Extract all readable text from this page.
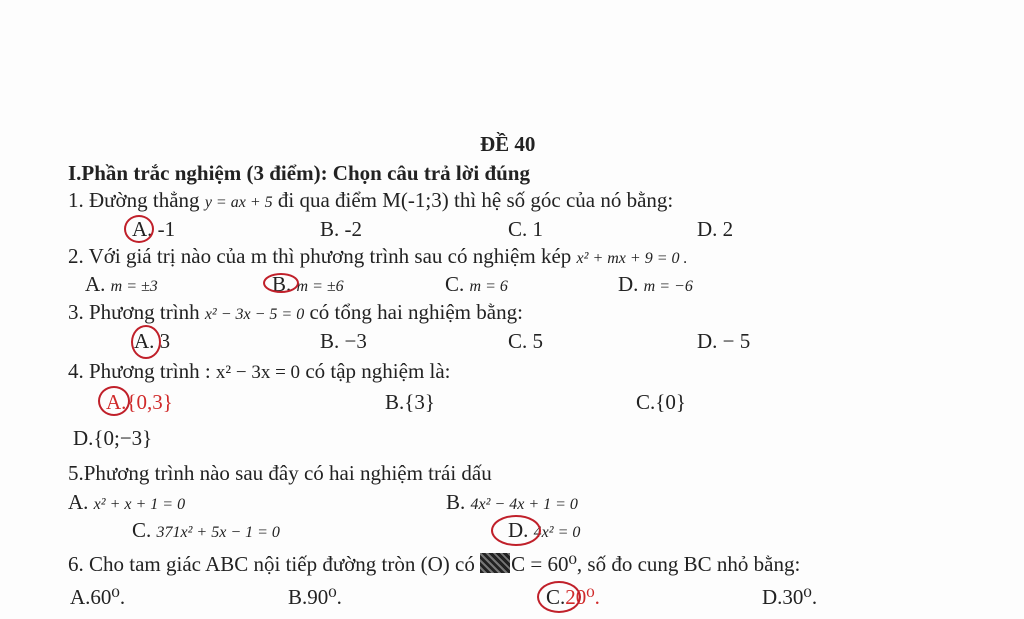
ĐỀ 40
I.Phần trắc nghiệm (3 điểm): Chọn câu trả lời đúng
1. Đường thẳng y = ax + 5 đi qua điểm M(-1;3) thì hệ số góc của nó bằng:
A. -1	B. -2	C. 1	D. 2
2. Với giá trị nào của m thì phương trình sau có nghiệm kép x² + mx + 9 = 0 .
A. m = ±3	B. m = ±6	C. m = 6	D. m = −6
3. Phương trình x² − 3x − 5 = 0 có tổng hai nghiệm bằng:
A. 3	B. −3	C. 5	D. − 5
4. Phương trình : x² − 3x = 0 có tập nghiệm là:
A.{0,3}	B.{3}	C.{0}
D.{0;−3}
5.Phương trình nào sau đây có hai nghiệm trái dấu
A. x² + x + 1 = 0	B. 4x² − 4x + 1 = 0
C. 371x² + 5x − 1 = 0	D. 4x² = 0
6. Cho tam giác ABC nội tiếp đường tròn (O) có C = 60⁰, số đo cung BC nhỏ bằng:
A.60⁰.	B.90⁰.	C.20⁰.	D.30⁰.
